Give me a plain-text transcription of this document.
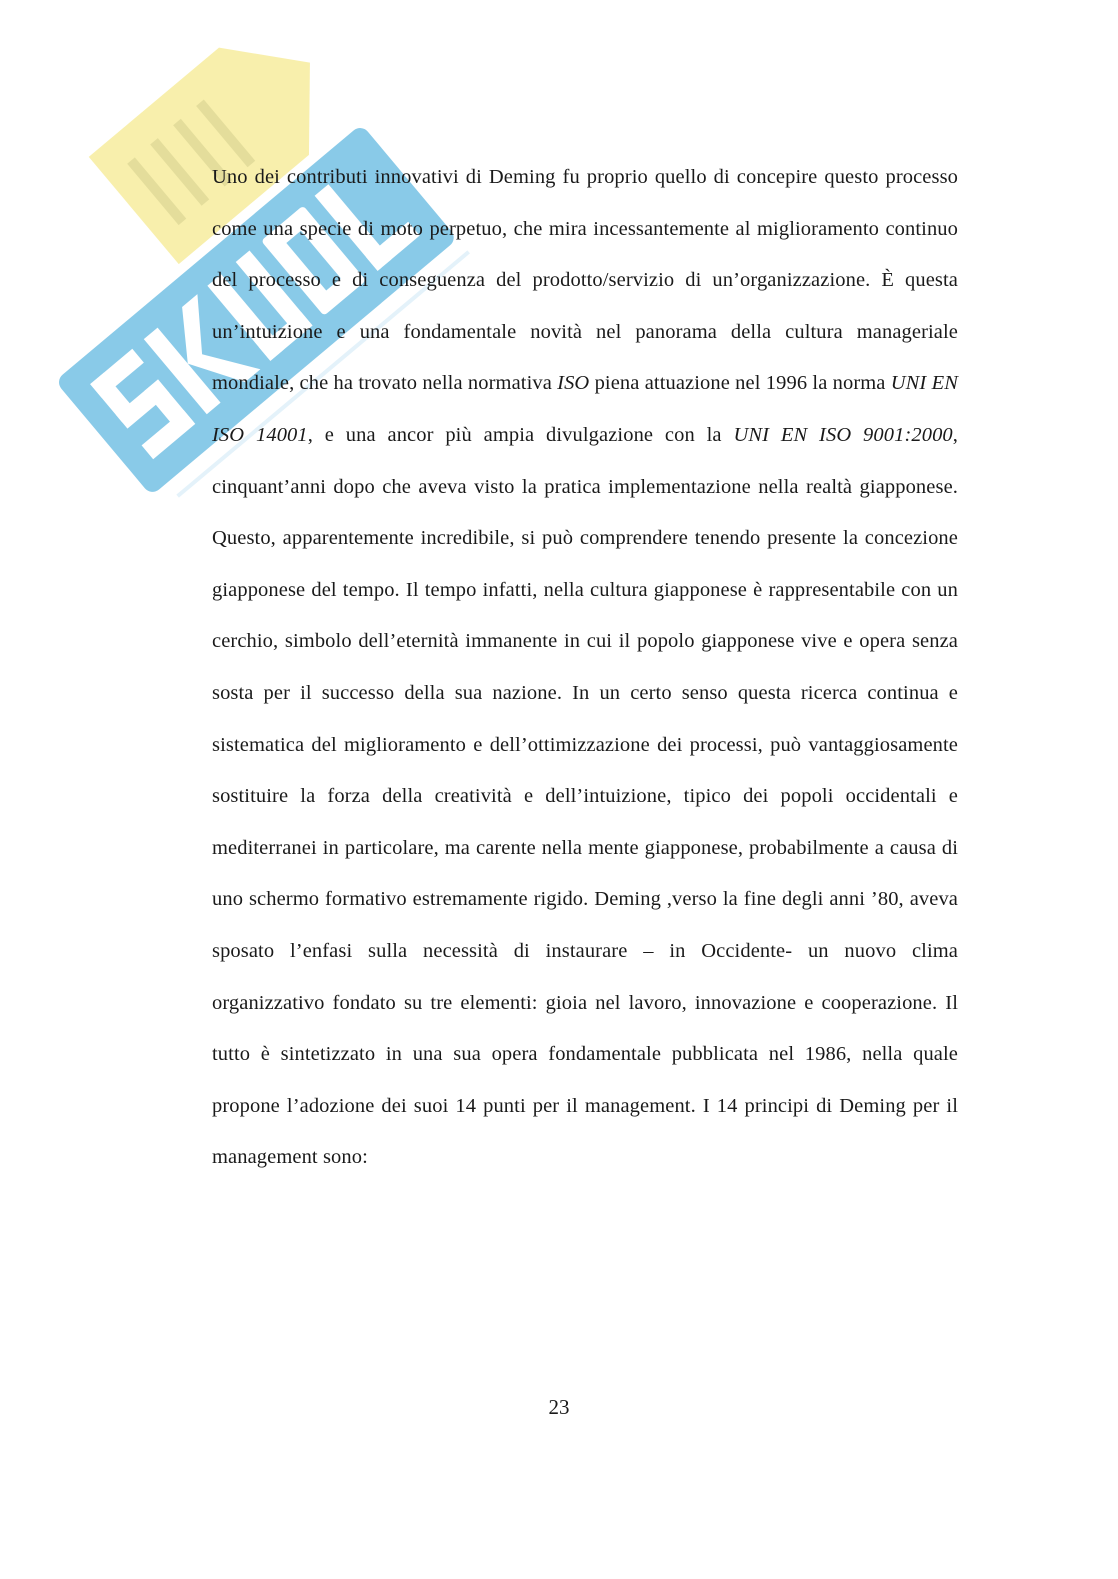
Uno dei contributi innovativi di Deming fu proprio quello di concepire questo processo come una specie di moto perpetuo, che mira incessantemente al miglioramento continuo del processo e di conseguenza del prodotto/servizio di un’organizzazione. È questa un’intuizione e una fondamentale novità nel panorama della cultura manageriale mondiale, che ha trovato nella normativa ISO piena attuazione nel 1996 la norma UNI EN ISO 14001, e una ancor più ampia divulgazione con la UNI EN ISO 9001:2000, cinquant’anni dopo che aveva visto la pratica implementazione nella realtà giapponese. Questo, apparentemente incredibile, si può comprendere tenendo presente la concezione giapponese del tempo. Il tempo infatti, nella cultura giapponese è rappresentabile con un cerchio, simbolo dell’eternità immanente in cui il popolo giapponese vive e opera senza sosta per il successo della sua nazione. In un certo senso questa ricerca continua e sistematica del miglioramento e dell’ottimizzazione dei processi, può vantaggiosamente sostituire la forza della creatività e dell’intuizione, tipico dei popoli occidentali e mediterranei in particolare, ma carente nella mente giapponese, probabilmente a causa di uno schermo formativo estremamente rigido. Deming ,verso la fine degli anni ’80, aveva sposato l’enfasi sulla necessità di instaurare – in Occidente- un nuovo clima organizzativo fondato su tre elementi: gioia nel lavoro, innovazione e cooperazione. Il tutto è sintetizzato in una sua opera fondamentale pubblicata nel 1986, nella quale propone l’adozione dei suoi 14 punti per il management. I 14 principi di Deming per il management sono:

23
